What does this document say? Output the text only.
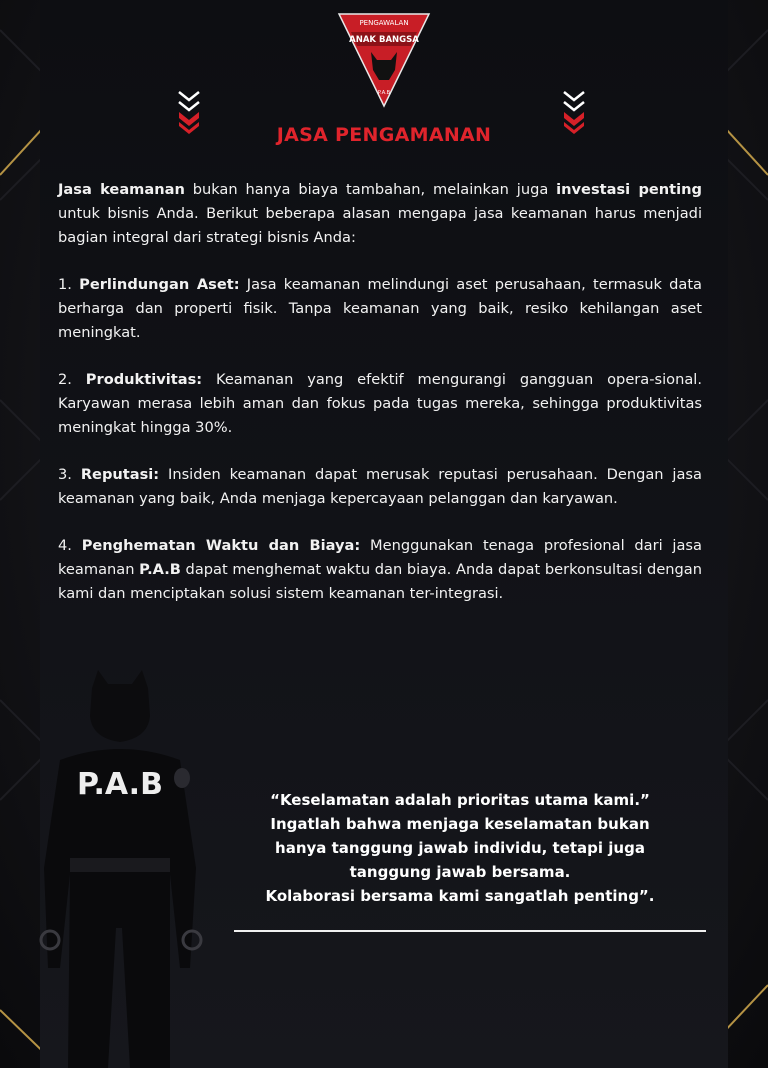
PENGAWALAN
ANAK BANGSA
P.A.B
JASA PENGAMANAN

Jasa keamanan bukan hanya biaya tambahan, melainkan juga investasi penting untuk bisnis Anda. Berikut beberapa alasan mengapa jasa keamanan harus menjadi bagian integral dari strategi bisnis Anda:

1. Perlindungan Aset: Jasa keamanan melindungi aset perusahaan, termasuk data berharga dan properti fisik. Tanpa keamanan yang baik, resiko kehilangan aset meningkat.

2. Produktivitas: Keamanan yang efektif mengurangi gangguan opera-sional. Karyawan merasa lebih aman dan fokus pada tugas mereka, sehingga produktivitas meningkat hingga 30%.

3. Reputasi: Insiden keamanan dapat merusak reputasi perusahaan. Dengan jasa keamanan yang baik, Anda menjaga kepercayaan pelanggan dan karyawan.

4. Penghematan Waktu dan Biaya: Menggunakan tenaga profesional dari jasa keamanan P.A.B dapat menghemat waktu dan biaya. Anda dapat berkonsultasi dengan kami dan menciptakan solusi sistem keamanan ter-integrasi.

P.A.B	“Keselamatan adalah prioritas utama kami.”
Ingatlah bahwa menjaga keselamatan bukan
hanya tanggung jawab individu, tetapi juga
tanggung jawab bersama.
Kolaborasi bersama kami sangatlah penting”.
